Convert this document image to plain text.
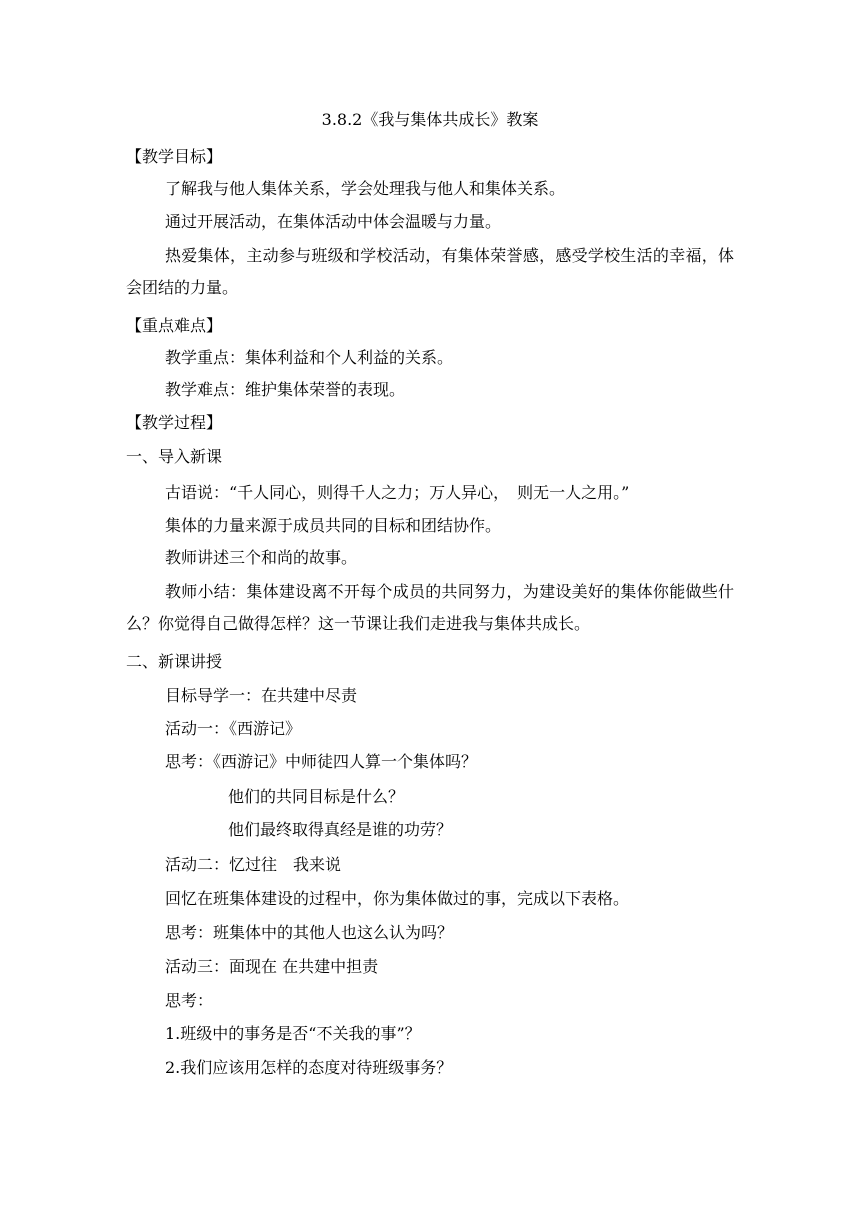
3.8.2《我与集体共成长》教案
【教学目标】
了解我与他人集体关系，学会处理我与他人和集体关系。
通过开展活动，在集体活动中体会温暖与力量。
热爱集体，主动参与班级和学校活动，有集体荣誉感，感受学校生活的幸福，体会团结的力量。
【重点难点】
教学重点：集体利益和个人利益的关系。
教学难点：维护集体荣誉的表现。
【教学过程】
一、导入新课
古语说：“千人同心，则得千人之力；万人异心，　则无一人之用。”
集体的力量来源于成员共同的目标和团结协作。
教师讲述三个和尚的故事。
教师小结：集体建设离不开每个成员的共同努力，为建设美好的集体你能做些什么？你觉得自己做得怎样？这一节课让我们走进我与集体共成长。
二、新课讲授
目标导学一：在共建中尽责
活动一：《西游记》
思考：《西游记》中师徒四人算一个集体吗？
他们的共同目标是什么？
他们最终取得真经是谁的功劳？
活动二：忆过往　我来说
回忆在班集体建设的过程中，你为集体做过的事，完成以下表格。
思考：班集体中的其他人也这么认为吗？
活动三：面现在 在共建中担责
思考：
1.班级中的事务是否“不关我的事”？
2.我们应该用怎样的态度对待班级事务？
